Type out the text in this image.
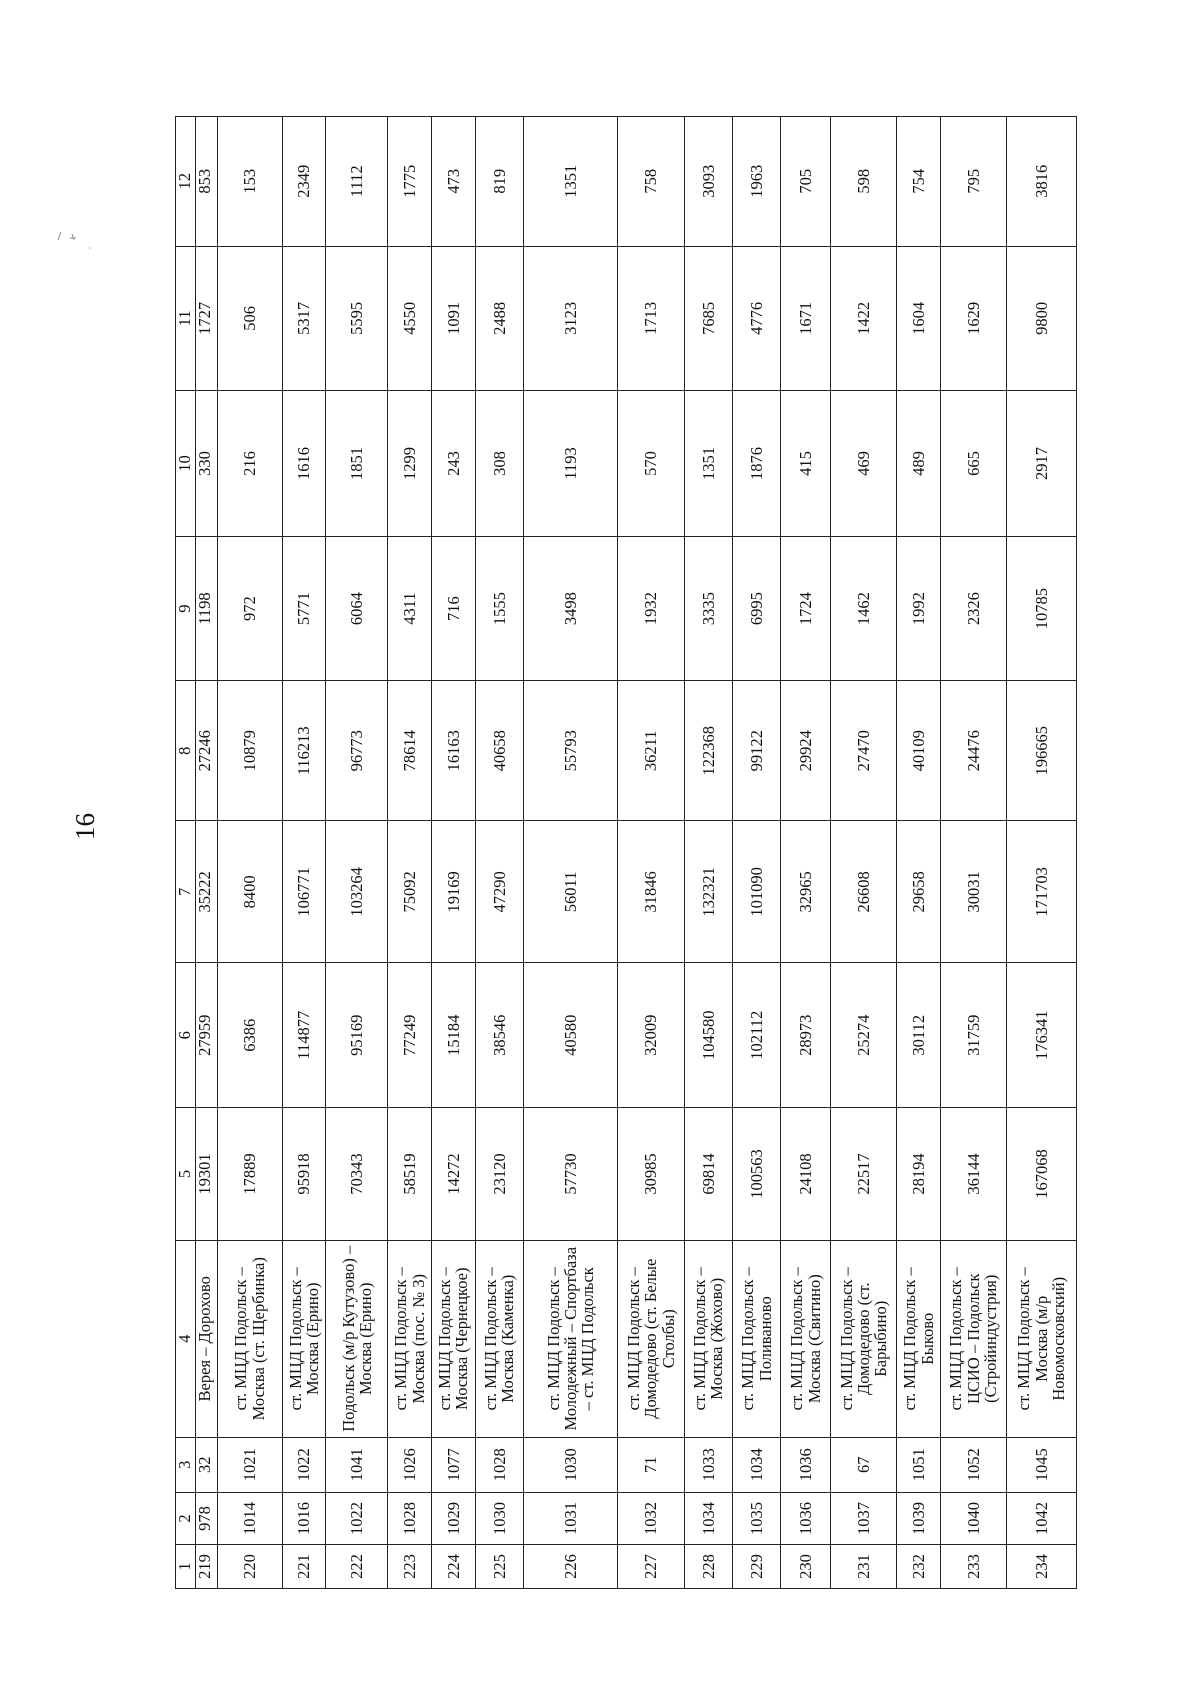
16
1	2	3	4	5	6	7	8	9	10	11	12
219	978	32	Верея – Дорохово	19301	27959	35222	27246	1198	330	1727	853
220	1014	1021	ст. МЦД Подольск – Москва (ст. Щербинка)	17889	6386	8400	10879	972	216	506	153
221	1016	1022	ст. МЦД Подольск – Москва (Ерино)	95918	114877	106771	116213	5771	1616	5317	2349
222	1022	1041	Подольск (м/р Кутузово) – Москва (Ерино)	70343	95169	103264	96773	6064	1851	5595	1112
223	1028	1026	ст. МЦД Подольск – Москва (пос. № 3)	58519	77249	75092	78614	4311	1299	4550	1775
224	1029	1077	ст. МЦД Подольск – Москва (Чернецкое)	14272	15184	19169	16163	716	243	1091	473
225	1030	1028	ст. МЦД Подольск – Москва (Каменка)	23120	38546	47290	40658	1555	308	2488	819
226	1031	1030	ст. МЦД Подольск – Молодежный – Спортбаза – ст. МЦД Подольск	57730	40580	56011	55793	3498	1193	3123	1351
227	1032	71	ст. МЦД Подольск – Домодедово (ст. Белые Столбы)	30985	32009	31846	36211	1932	570	1713	758
228	1034	1033	ст. МЦД Подольск – Москва (Жохово)	69814	104580	132321	122368	3335	1351	7685	3093
229	1035	1034	ст. МЦД Подольск – Поливаново	100563	102112	101090	99122	6995	1876	4776	1963
230	1036	1036	ст. МЦД Подольск – Москва (Свитино)	24108	28973	32965	29924	1724	415	1671	705
231	1037	67	ст. МЦД Подольск – Домодедово (ст. Барыбино)	22517	25274	26608	27470	1462	469	1422	598
232	1039	1051	ст. МЦД Подольск – Быково	28194	30112	29658	40109	1992	489	1604	754
233	1040	1052	ст. МЦД Подольск – ЦСИО – Подольск (Стройиндустрия)	36144	31759	30031	24476	2326	665	1629	795
234	1042	1045	ст. МЦД Подольск – Москва (м/р Новомосковский)	167068	176341	171703	196665	10785	2917	9800	3816
